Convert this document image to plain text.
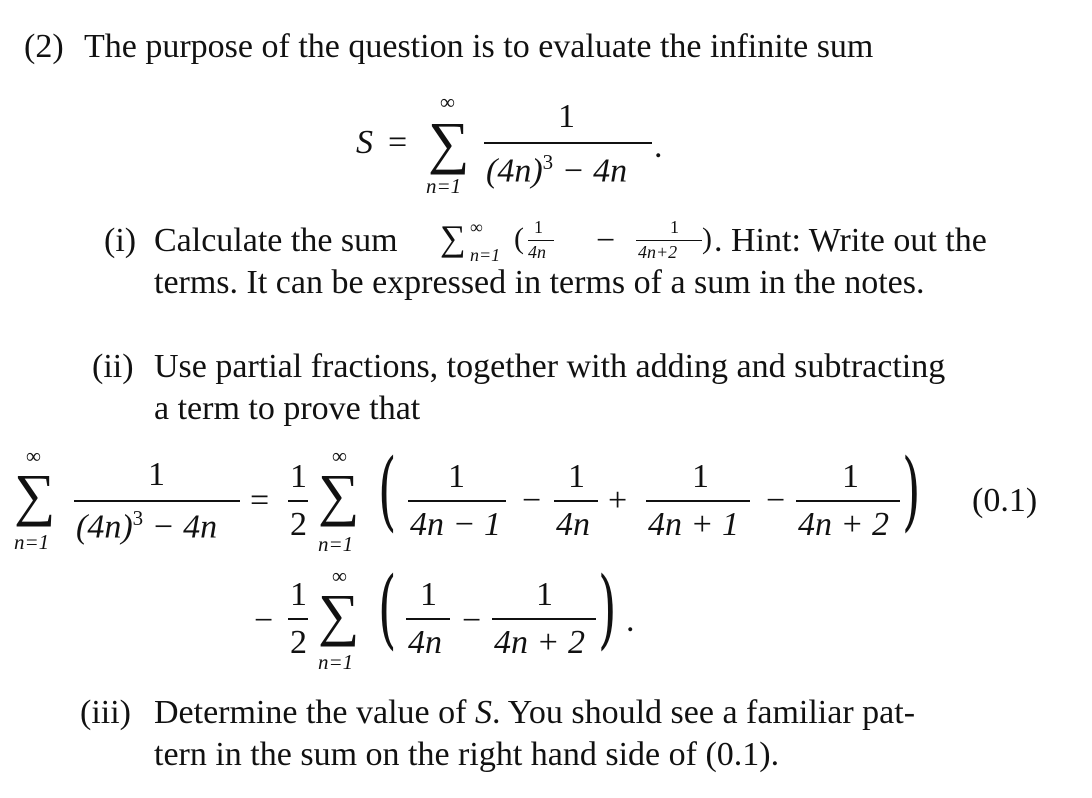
(2) The purpose of the question is to evaluate the infinite sum
S =
∞
∑
n=1
1
$(4n)^3 - 4n$
.
(i) Calculate the sum ∑ ∞
n=1 ( 1
4n −	1
4n+2 ) . Hint: Write out the
terms. It can be expressed in terms of a sum in the notes.
(ii) Use partial fractions, together with adding and subtracting
a term to prove that
∞
∑
n=1
1
$(4n)^3 - 4n$
=
1
2
∞
∑
n=1
( 1
4n − 1
−
1
4n
+
1
4n + 1
−
1
4n + 2 ) (0.1)
−
1
2
∞
∑
n=1
( 1
4n
−
1
4n + 2 ) .
(iii) Determine the value of S. You should see a familiar pat-
tern in the sum on the right hand side of (0.1).
